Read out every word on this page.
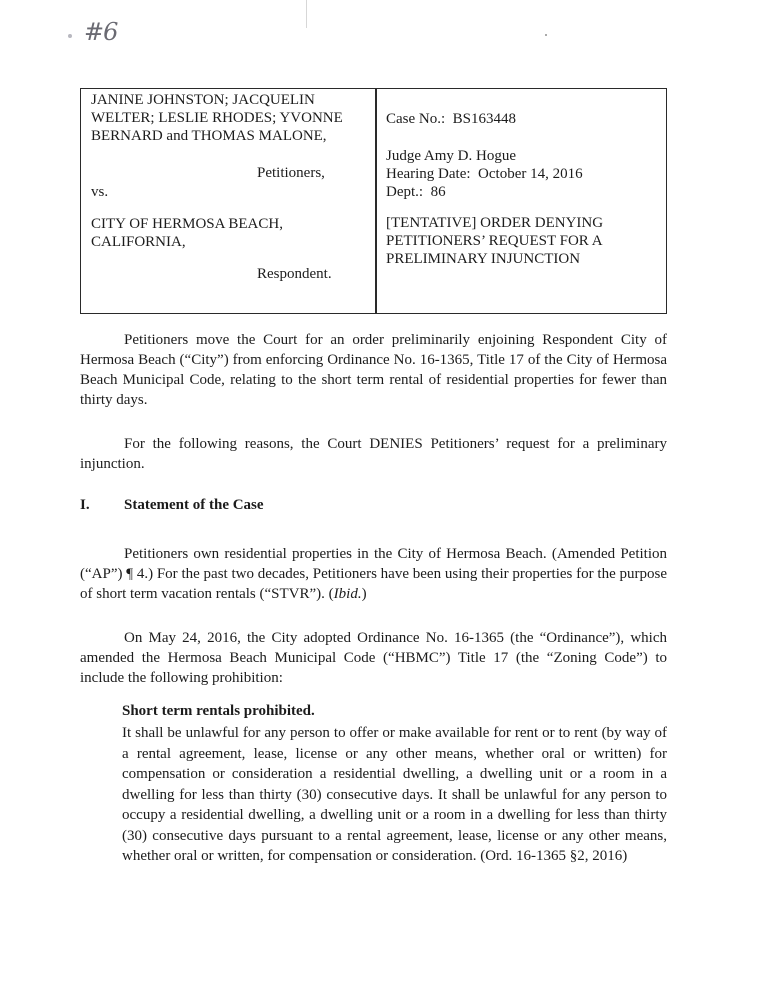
#6
JANINE JOHNSTON; JACQUELIN
WELTER; LESLIE RHODES; YVONNE
BERNARD and THOMAS MALONE,
Petitioners,
vs.
CITY OF HERMOSA BEACH,
CALIFORNIA,
Respondent.
Case No.:  BS163448
Judge Amy D. Hogue
Hearing Date:  October 14, 2016
Dept.:  86
[TENTATIVE] ORDER DENYING
PETITIONERS’ REQUEST FOR A
PRELIMINARY INJUNCTION
Petitioners move the Court for an order preliminarily enjoining Respondent City of Hermosa Beach (“City”) from enforcing Ordinance No. 16-1365, Title 17 of the City of Hermosa Beach Municipal Code, relating to the short term rental of residential properties for fewer than thirty days.
For the following reasons, the Court DENIES Petitioners’ request for a preliminary injunction.
I. Statement of the Case
Petitioners own residential properties in the City of Hermosa Beach. (Amended Petition (“AP”) ¶ 4.) For the past two decades, Petitioners have been using their properties for the purpose of short term vacation rentals (“STVR”). (Ibid.)
On May 24, 2016, the City adopted Ordinance No. 16-1365 (the “Ordinance”), which amended the Hermosa Beach Municipal Code (“HBMC”) Title 17 (the “Zoning Code”) to include the following prohibition:
Short term rentals prohibited.
It shall be unlawful for any person to offer or make available for rent or to rent (by way of a rental agreement, lease, license or any other means, whether oral or written) for compensation or consideration a residential dwelling, a dwelling unit or a room in a dwelling for less than thirty (30) consecutive days. It shall be unlawful for any person to occupy a residential dwelling, a dwelling unit or a room in a dwelling for less than thirty (30) consecutive days pursuant to a rental agreement, lease, license or any other means, whether oral or written, for compensation or consideration. (Ord. 16-1365 §2, 2016)
